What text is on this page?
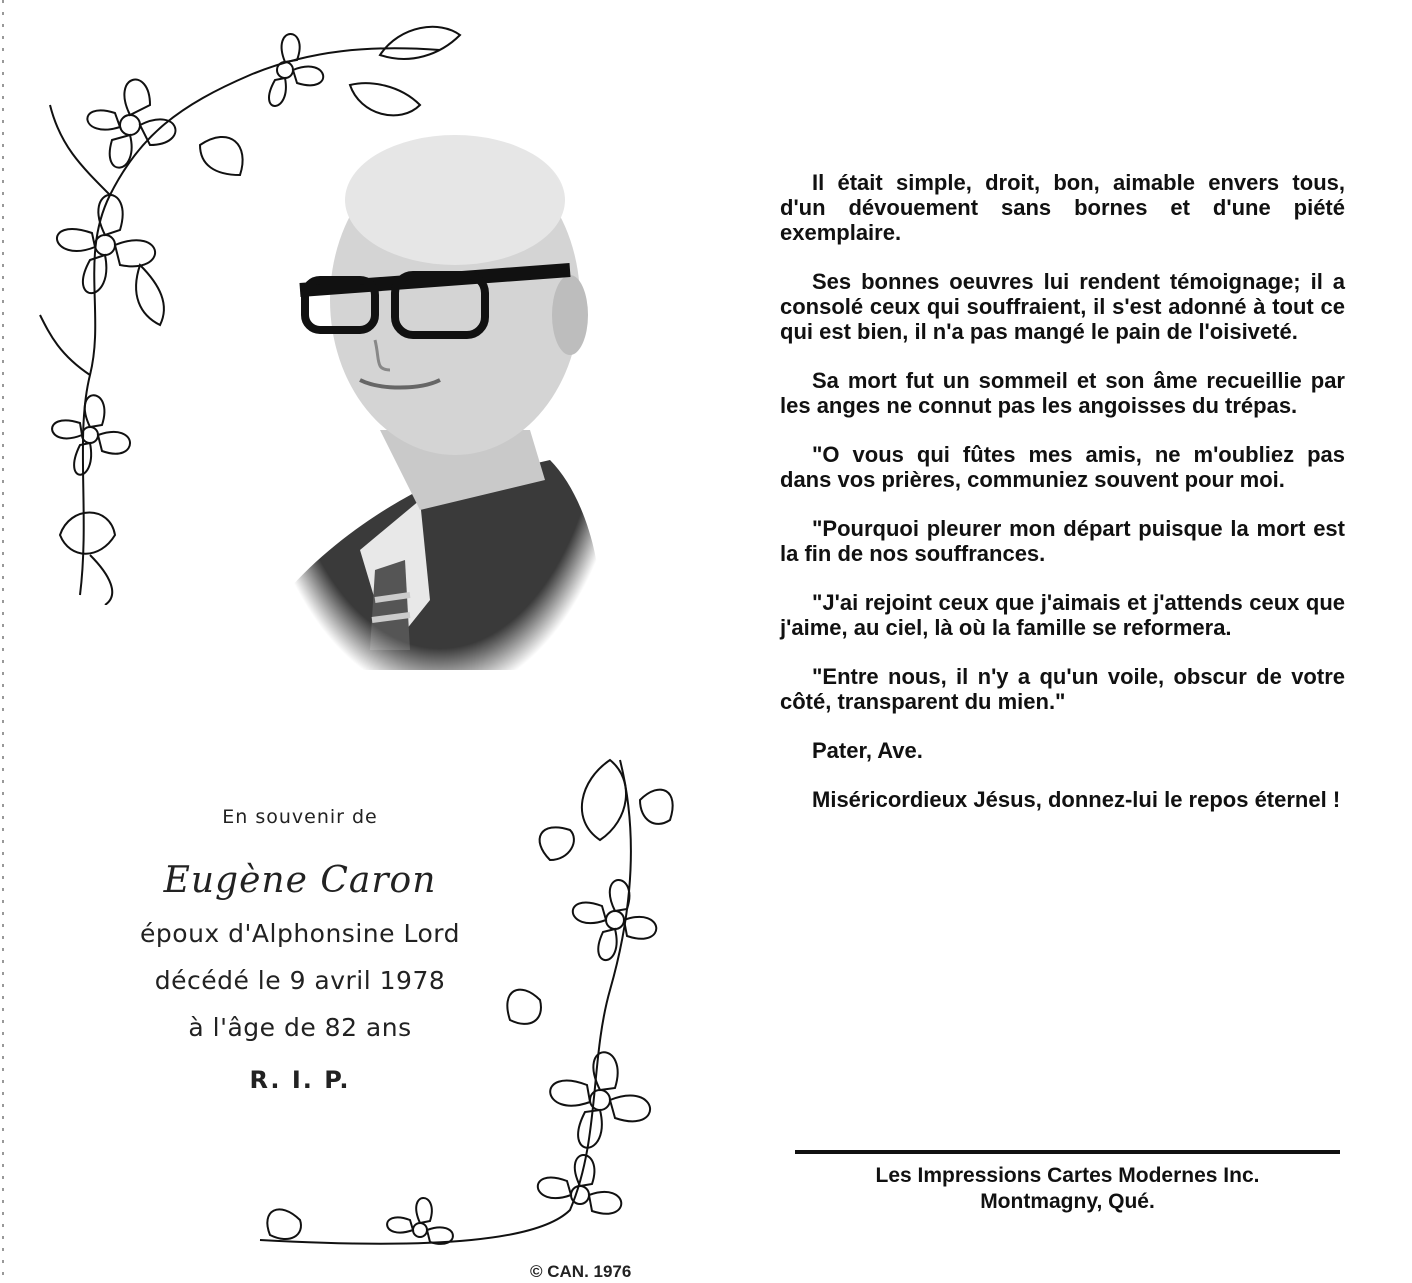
En souvenir de
Eugène Caron
époux d'Alphonsine Lord
décédé le 9 avril 1978
à l'âge de 82 ans
R. I. P.
© CAN. 1976

Il était simple, droit, bon, aimable envers tous, d'un dévouement sans bornes et d'une piété exemplaire.

Ses bonnes oeuvres lui rendent témoignage; il a consolé ceux qui souffraient, il s'est adonné à tout ce qui est bien, il n'a pas mangé le pain de l'oisiveté.

Sa mort fut un sommeil et son âme recueillie par les anges ne connut pas les angoisses du trépas.

"O vous qui fûtes mes amis, ne m'oubliez pas dans vos prières, communiez souvent pour moi.

"Pourquoi pleurer mon départ puisque la mort est la fin de nos souffrances.

"J'ai rejoint ceux que j'aimais et j'attends ceux que j'aime, au ciel, là où la famille se reformera.

"Entre nous, il n'y a qu'un voile, obscur de votre côté, transparent du mien."

Pater, Ave.

Miséricordieux Jésus, donnez-lui le repos éternel !

Les Impressions Cartes Modernes Inc.
Montmagny, Qué.
